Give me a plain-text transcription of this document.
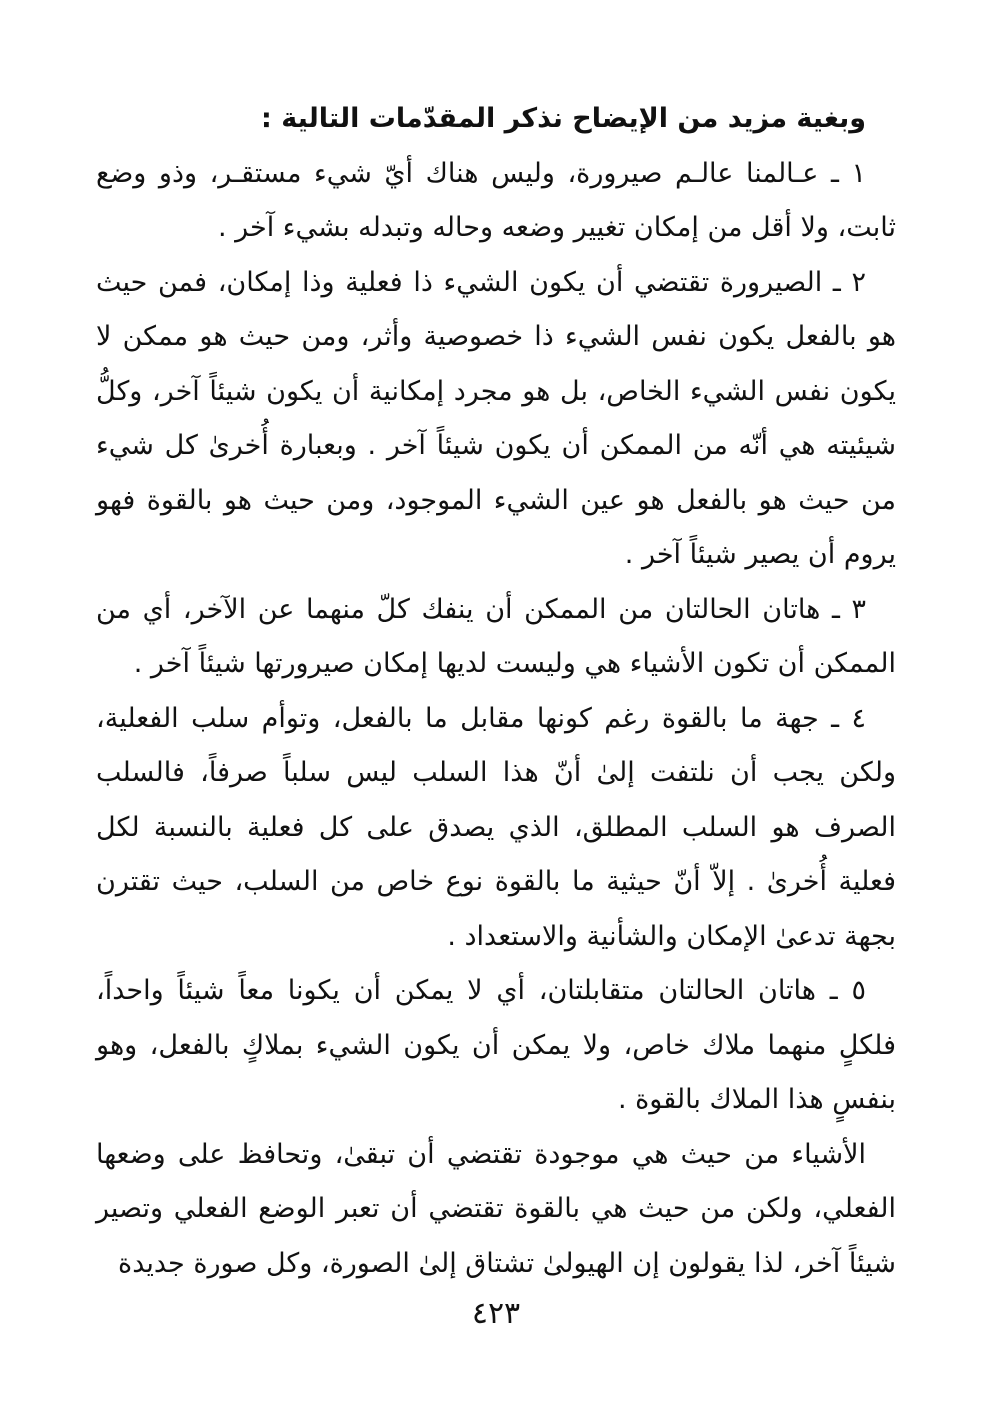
وبغية مزيد من الإيضاح نذكر المقدّمات التالية :

١ ـ عـالمنا عالـم صيرورة، وليس هناك أيّ شيء مستقـر، وذو وضع ثابت، ولا أقل من إمكان تغيير وضعه وحاله وتبدله بشيء آخر .

٢ ـ الصيرورة تقتضي أن يكون الشيء ذا فعلية وذا إمكان، فمن حيث هو بالفعل يكون نفس الشيء ذا خصوصية وأثر، ومن حيث هو ممكن لا يكون نفس الشيء الخاص، بل هو مجرد إمكانية أن يكون شيئاً آخر، وكلُّ شيئيته هي أنّه من الممكن أن يكون شيئاً آخر . وبعبارة أُخرىٰ كل شيء من حيث هو بالفعل هو عين الشيء الموجود، ومن حيث هو بالقوة فهو يروم أن يصير شيئاً آخر .

٣ ـ هاتان الحالتان من الممكن أن ينفك كلّ منهما عن الآخر، أي من الممكن أن تكون الأشياء هي وليست لديها إمكان صيرورتها شيئاً آخر .

٤ ـ جهة ما بالقوة رغم كونها مقابل ما بالفعل، وتوأم سلب الفعلية، ولكن يجب أن نلتفت إلىٰ أنّ هذا السلب ليس سلباً صرفاً، فالسلب الصرف هو السلب المطلق، الذي يصدق على كل فعلية بالنسبة لكل فعلية أُخرىٰ . إلاّ أنّ حيثية ما بالقوة نوع خاص من السلب، حيث تقترن بجهة تدعىٰ الإمكان والشأنية والاستعداد .

٥ ـ هاتان الحالتان متقابلتان، أي لا يمكن أن يكونا معاً شيئاً واحداً، فلكلٍ منهما ملاك خاص، ولا يمكن أن يكون الشيء بملاكٍ بالفعل، وهو بنفسٍ هذا الملاك بالقوة .

الأشياء من حيث هي موجودة تقتضي أن تبقىٰ، وتحافظ على وضعها الفعلي، ولكن من حيث هي بالقوة تقتضي أن تعبر الوضع الفعلي وتصير شيئاً آخر، لذا يقولون إن الهيولىٰ تشتاق إلىٰ الصورة، وكل صورة جديدة

٤٢٣
